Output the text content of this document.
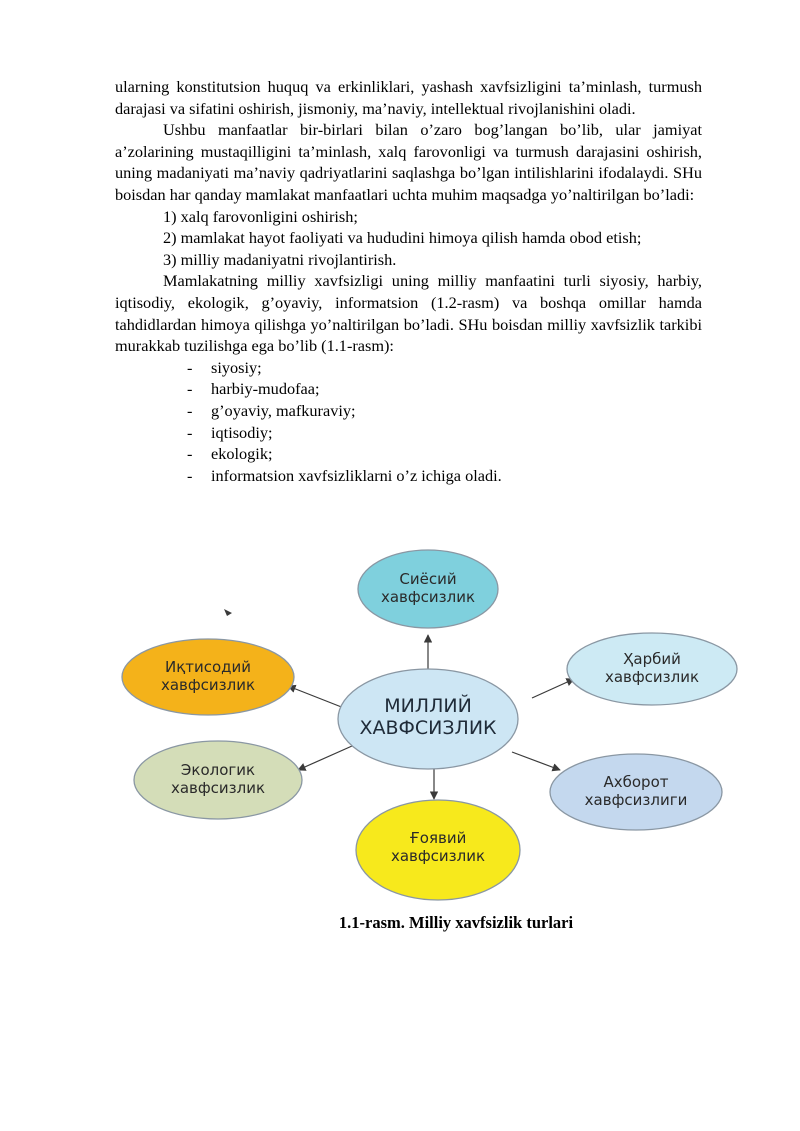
ularning konstitutsion huquq va erkinliklari, yashash xavfsizligini ta’minlash, turmush darajasi va sifatini oshirish, jismoniy, ma’naviy, intellektual rivojlanishini oladi.

Ushbu manfaatlar bir-birlari bilan o’zaro bog’langan bo’lib, ular jamiyat a’zolarining mustaqilligini ta’minlash, xalq farovonligi va turmush darajasini oshirish, uning madaniyati ma’naviy qadriyatlarini saqlashga bo’lgan intilishlarini ifodalaydi. SHu boisdan har qanday mamlakat manfaatlari uchta muhim maqsadga yo’naltirilgan bo’ladi:

1) xalq farovonligini oshirish;

2) mamlakat hayot faoliyati va hududini himoya qilish hamda obod etish;

3) milliy madaniyatni rivojlantirish.

Mamlakatning milliy xavfsizligi uning milliy manfaatini turli siyosiy, harbiy, iqtisodiy, ekologik, g’oyaviy, informatsion (1.2-rasm) va boshqa omillar hamda tahdidlardan himoya qilishga yo’naltirilgan bo’ladi. SHu boisdan milliy xavfsizlik tarkibi murakkab tuzilishga ega bo’lib (1.1-rasm):

- siyosiy;
- harbiy-mudofaa;
- g’oyaviy, mafkuraviy;
- iqtisodiy;
- ekologik;
- informatsion xavfsizliklarni o’z ichiga oladi.
Сиёсий
хавфсизлик
Ҳарбий
хавфсизлик
Иқтисодий
хавфсизлик
МИЛЛИЙ
ХАВФСИЗЛИК
Экологик
хавфсизлик	Ахборот
хавфсизлиги
Ғоявий
хавфсизлик
1.1-rasm. Milliy xavfsizlik turlari
